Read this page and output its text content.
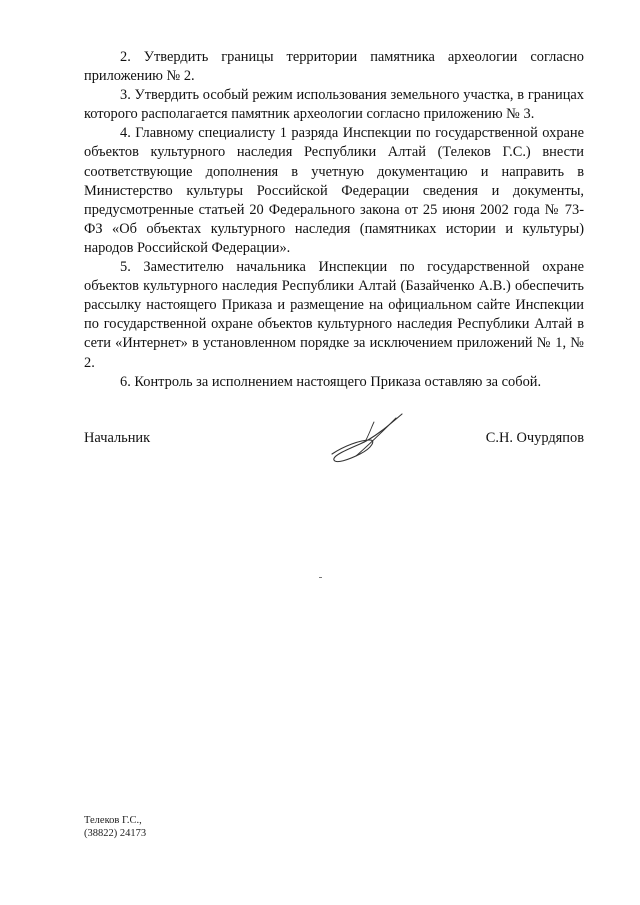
2. Утвердить границы территории памятника археологии согласно приложению № 2.

3. Утвердить особый режим использования земельного участка, в границах которого располагается памятник археологии согласно приложению № 3.

4. Главному специалисту 1 разряда Инспекции по государственной охране объектов культурного наследия Республики Алтай (Телеков Г.С.) внести соответствующие дополнения в учетную документацию и направить в Министерство культуры Российской Федерации сведения и документы, предусмотренные статьей 20 Федерального закона от 25 июня 2002 года № 73-ФЗ «Об объектах культурного наследия (памятниках истории и культуры) народов Российской Федерации».

5. Заместителю начальника Инспекции по государственной охране объектов культурного наследия Республики Алтай (Базайченко А.В.) обеспечить рассылку настоящего Приказа и размещение на официальном сайте Инспекции по государственной охране объектов культурного наследия Республики Алтай в сети «Интернет» в установленном порядке за исключением приложений № 1, № 2.

6. Контроль за исполнением настоящего Приказа оставляю за собой.

Начальник	С.Н. Очурдяпов
Телеков Г.С.,
(38822) 24173
